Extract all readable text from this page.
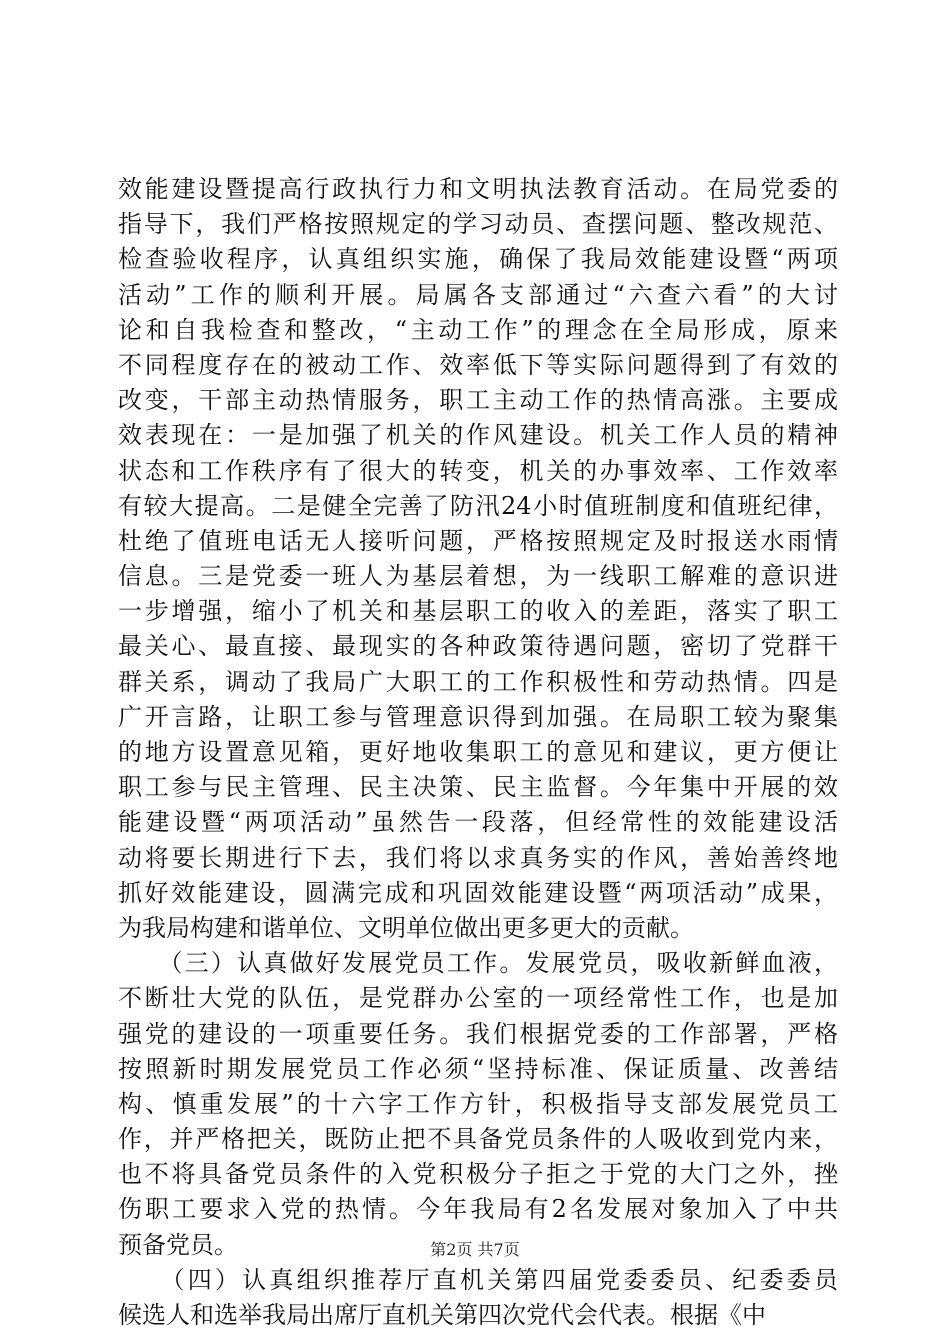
效能建设暨提高行政执行力和文明执法教育活动。在局党委的
指导下，我们严格按照规定的学习动员、查摆问题、整改规范、
检查验收程序，认真组织实施，确保了我局效能建设暨“两项
活动”工作的顺利开展。局属各支部通过“六查六看”的大讨
论和自我检查和整改，“主动工作”的理念在全局形成，原来
不同程度存在的被动工作、效率低下等实际问题得到了有效的
改变，干部主动热情服务，职工主动工作的热情高涨。主要成
效表现在：一是加强了机关的作风建设。机关工作人员的精神
状态和工作秩序有了很大的转变，机关的办事效率、工作效率
有较大提高。二是健全完善了防汛24小时值班制度和值班纪律，
杜绝了值班电话无人接听问题，严格按照规定及时报送水雨情
信息。三是党委一班人为基层着想，为一线职工解难的意识进
一步增强，缩小了机关和基层职工的收入的差距，落实了职工
最关心、最直接、最现实的各种政策待遇问题，密切了党群干
群关系，调动了我局广大职工的工作积极性和劳动热情。四是
广开言路，让职工参与管理意识得到加强。在局职工较为聚集
的地方设置意见箱，更好地收集职工的意见和建议，更方便让
职工参与民主管理、民主决策、民主监督。今年集中开展的效
能建设暨“两项活动”虽然告一段落，但经常性的效能建设活
动将要长期进行下去，我们将以求真务实的作风，善始善终地
抓好效能建设，圆满完成和巩固效能建设暨“两项活动”成果，
为我局构建和谐单位、文明单位做出更多更大的贡献。
　　（三）认真做好发展党员工作。发展党员，吸收新鲜血液，
不断壮大党的队伍，是党群办公室的一项经常性工作，也是加
强党的建设的一项重要任务。我们根据党委的工作部署，严格
按照新时期发展党员工作必须“坚持标准、保证质量、改善结
构、慎重发展”的十六字工作方针，积极指导支部发展党员工
作，并严格把关，既防止把不具备党员条件的人吸收到党内来，
也不将具备党员条件的入党积极分子拒之于党的大门之外，挫
伤职工要求入党的热情。今年我局有2名发展对象加入了中共
预备党员。
　　（四）认真组织推荐厅直机关第四届党委委员、纪委委员
候选人和选举我局出席厅直机关第四次党代会代表。根据《中
第2页 共7页
